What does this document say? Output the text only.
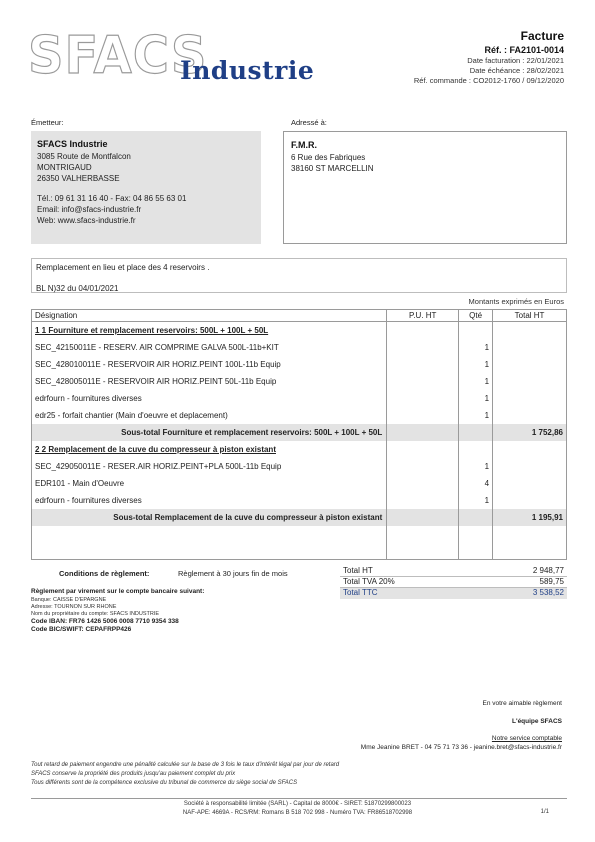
SFACS
Industrie
Facture
Réf. : FA2101-0014
Date facturation : 22/01/2021
Date échéance : 28/02/2021
Réf. commande : CO2012-1760 / 09/12/2020
Émetteur:	Adressé à:
SFACS Industrie
3085 Route de Montfalcon
MONTRIGAUD
26350 VALHERBASSE
Tél.: 09 61 31 16 40 - Fax: 04 86 55 63 01
Email: info@sfacs-industrie.fr
Web: www.sfacs-industrie.fr
F.M.R.
6 Rue des Fabriques
38160 ST MARCELLIN
Remplacement en lieu et place des 4 reservoirs .
BL N)32 du 04/01/2021
Montants exprimés en Euros
Désignation	P.U. HT	Qté	Total HT
1 1 Fourniture et remplacement reservoirs: 500L + 100L + 50L			
SEC_42150011E - RESERV. AIR COMPRIME GALVA 500L-11b+KIT		1	
SEC_428010011E - RESERVOIR AIR HORIZ.PEINT 100L-11b Equip		1	
SEC_428005011E - RESERVOIR AIR HORIZ.PEINT 50L-11b Equip		1	
edrfourn - fournitures diverses		1	
edr25 - forfait chantier (Main d'oeuvre et deplacement)		1	
Sous-total Fourniture et remplacement reservoirs: 500L + 100L + 50L			1 752,86
2 2 Remplacement de la cuve du compresseur à piston existant			
SEC_429050011E - RESER.AIR HORIZ.PEINT+PLA 500L-11b Equip		1	
EDR101 - Main d'Oeuvre		4	
edrfourn - fournitures diverses		1	
Sous-total Remplacement de la cuve du compresseur à piston existant			1 195,91

Conditions de règlement:	Règlement à 30 jours fin de mois
Règlement par virement sur le compte bancaire suivant:
Banque: CAISSE D'EPARGNE
Adresse: TOURNON SUR RHONE
Nom du propriétaire du compte: SFACS INDUSTRIE
Code IBAN: FR76 1426 5006 0008 7710 9354 338
Code BIC/SWIFT: CEPAFRPP426
Total HT	2 948,77
Total TVA 20%	589,75
Total TTC	3 538,52
En votre aimable règlement
L'équipe SFACS
Notre service comptable
Mme Jeanine BRET - 04 75 71 73 36 - jeanine.bret@sfacs-industrie.fr
Tout retard de paiement engendre une pénalité calculée sur la base de 3 fois le taux d'intérêt légal par jour de retard
SFACS conserve la propriété des produits jusqu'au paiement complet du prix
Tous différents sont de la compétence exclusive du tribunal de commerce du siège social de SFACS
Société à responsabilité limitée (SARL) - Capital de 8000€ - SIRET: 51870299800023
NAF-APE: 4669A - RCS/RM: Romans B 518 702 998 - Numéro TVA: FR86518702998	1/1
